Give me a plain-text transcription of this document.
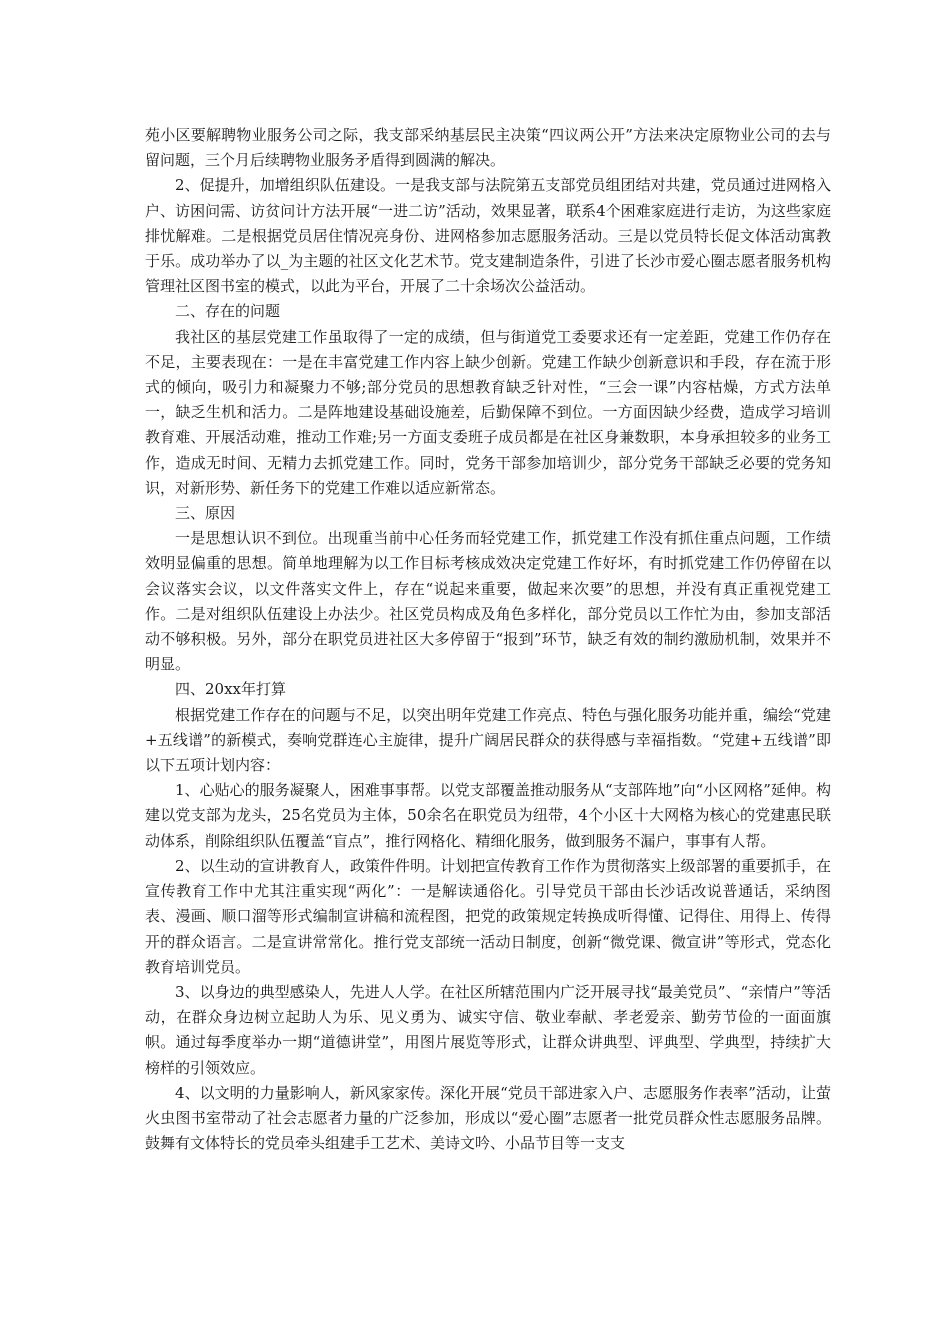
苑小区要解聘物业服务公司之际，我支部采纳基层民主决策“四议两公开”方法来决定原物业公司的去与留问题，三个月后续聘物业服务矛盾得到圆满的解决。

2、促提升，加增组织队伍建设。一是我支部与法院第五支部党员组团结对共建，党员通过进网格入户、访困问需、访贫问计方法开展“一进二访”活动，效果显著，联系4个困难家庭进行走访，为这些家庭排忧解难。二是根据党员居住情况亮身份、进网格参加志愿服务活动。三是以党员特长促文体活动寓教于乐。成功举办了以_为主题的社区文化艺术节。党支建制造条件，引进了长沙市爱心圈志愿者服务机构管理社区图书室的模式，以此为平台，开展了二十余场次公益活动。

二、存在的问题

我社区的基层党建工作虽取得了一定的成绩，但与街道党工委要求还有一定差距，党建工作仍存在不足，主要表现在：一是在丰富党建工作内容上缺少创新。党建工作缺少创新意识和手段，存在流于形式的倾向，吸引力和凝聚力不够;部分党员的思想教育缺乏针对性，“三会一课”内容枯燥，方式方法单一，缺乏生机和活力。二是阵地建设基础设施差，后勤保障不到位。一方面因缺少经费，造成学习培训教育难、开展活动难，推动工作难;另一方面支委班子成员都是在社区身兼数职，本身承担较多的业务工作，造成无时间、无精力去抓党建工作。同时，党务干部参加培训少，部分党务干部缺乏必要的党务知识，对新形势、新任务下的党建工作难以适应新常态。

三、原因

一是思想认识不到位。出现重当前中心任务而轻党建工作，抓党建工作没有抓住重点问题，工作绩效明显偏重的思想。简单地理解为以工作目标考核成效决定党建工作好坏，有时抓党建工作仍停留在以会议落实会议，以文件落实文件上，存在“说起来重要，做起来次要”的思想，并没有真正重视党建工作。二是对组织队伍建设上办法少。社区党员构成及角色多样化，部分党员以工作忙为由，参加支部活动不够积极。另外，部分在职党员进社区大多停留于“报到”环节，缺乏有效的制约激励机制，效果并不明显。

四、20xx年打算

根据党建工作存在的问题与不足，以突出明年党建工作亮点、特色与强化服务功能并重，编绘“党建+五线谱”的新模式，奏响党群连心主旋律，提升广阔居民群众的获得感与幸福指数。“党建+五线谱”即以下五项计划内容：

1、心贴心的服务凝聚人，困难事事帮。以党支部覆盖推动服务从“支部阵地”向“小区网格”延伸。构建以党支部为龙头，25名党员为主体，50余名在职党员为纽带，4个小区十大网格为核心的党建惠民联动体系，削除组织队伍覆盖“盲点”，推行网格化、精细化服务，做到服务不漏户，事事有人帮。

2、以生动的宣讲教育人，政策件件明。计划把宣传教育工作作为贯彻落实上级部署的重要抓手，在宣传教育工作中尤其注重实现“两化”：一是解读通俗化。引导党员干部由长沙话改说普通话，采纳图表、漫画、顺口溜等形式编制宣讲稿和流程图，把党的政策规定转换成听得懂、记得住、用得上、传得开的群众语言。二是宣讲常常化。推行党支部统一活动日制度，创新“微党课、微宣讲”等形式，党态化教育培训党员。

3、以身边的典型感染人，先进人人学。在社区所辖范围内广泛开展寻找“最美党员”、“亲情户”等活动，在群众身边树立起助人为乐、见义勇为、诚实守信、敬业奉献、孝老爱亲、勤劳节俭的一面面旗帜。通过每季度举办一期“道德讲堂”，用图片展览等形式，让群众讲典型、评典型、学典型，持续扩大榜样的引领效应。

4、以文明的力量影响人，新风家家传。深化开展“党员干部进家入户、志愿服务作表率”活动，让萤火虫图书室带动了社会志愿者力量的广泛参加，形成以“爱心圈”志愿者一批党员群众性志愿服务品牌。鼓舞有文体特长的党员牵头组建手工艺术、美诗文吟、小品节目等一支支
